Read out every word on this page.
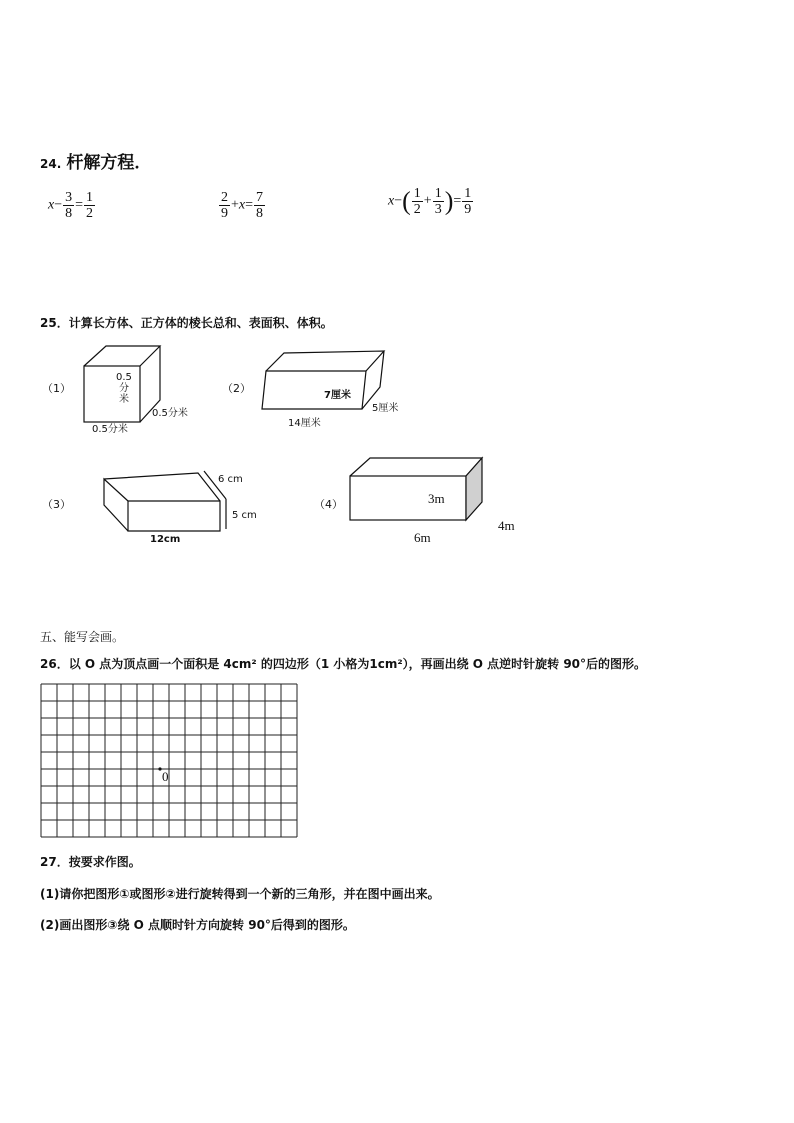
24. 杆解方程．
$x- \frac{3}{8} = \frac{1}{2}$	$\frac{2}{9} +x= \frac{7}{8}$	$x-( \frac{1}{2} + \frac{1}{3}$ )= $\frac{1}{9}$
25．计算长方体、正方体的棱长总和、表面积、体积。
（1）
0.5
分
米
0.5分米
0.5分米
（2）
7厘米
5厘米
14厘米
（3）
6 cm
5 cm
12cm
（4）	3m
4m
6m
五、能写会画。
26．以 O 点为顶点画一个面积是 4cm² 的四边形（1 小格为1cm²），再画出绕 O 点逆时针旋转 90°后的图形。
0
27．按要求作图。
(1)请你把图形①或图形②进行旋转得到一个新的三角形，并在图中画出来。
(2)画出图形③绕 O 点顺时针方向旋转 90°后得到的图形。
